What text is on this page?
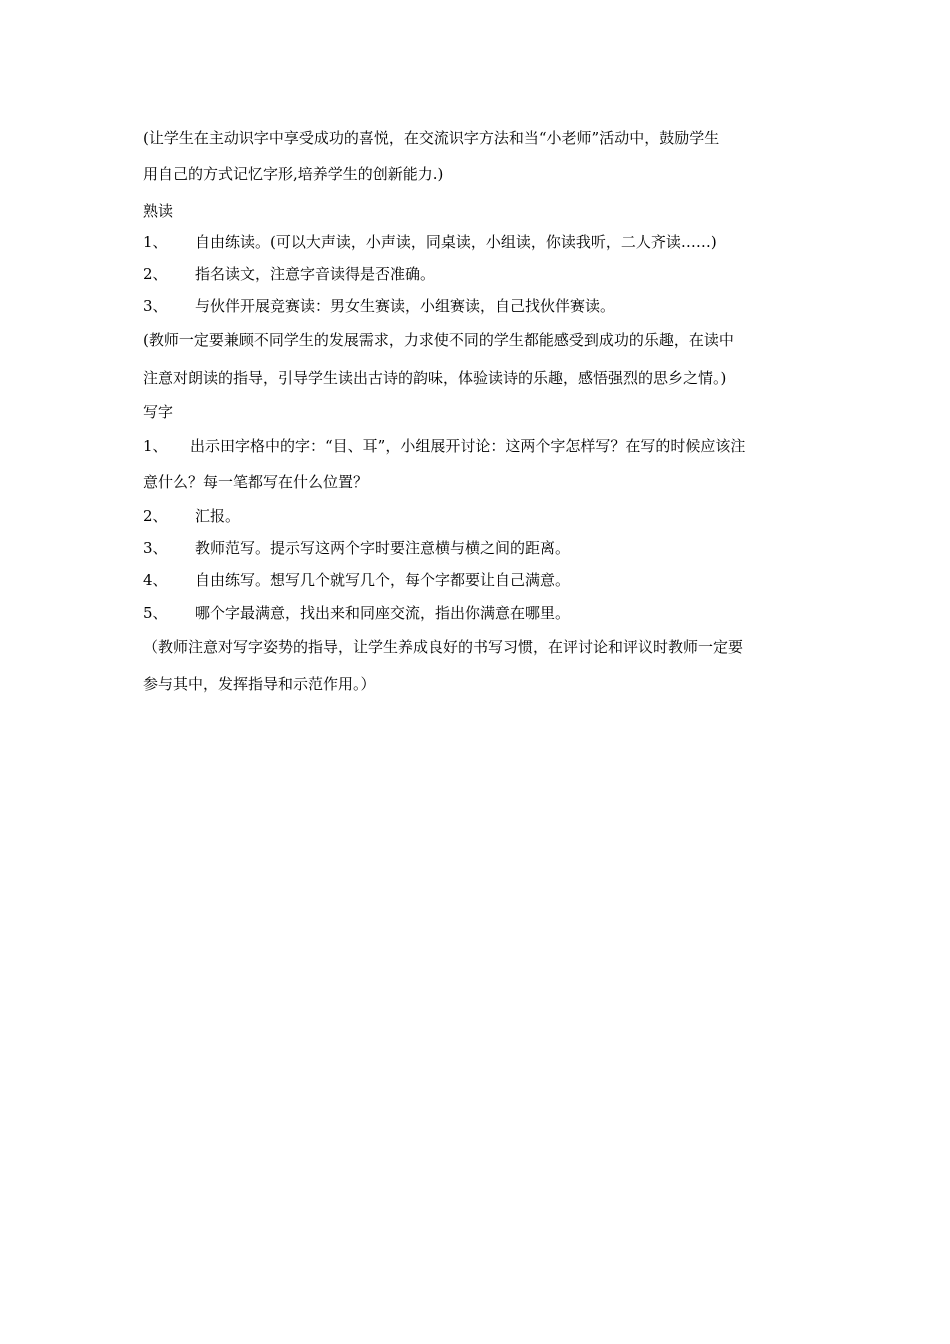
(让学生在主动识字中享受成功的喜悦，在交流识字方法和当“小老师”活动中，鼓励学生
用自己的方式记忆字形,培养学生的创新能力.)
熟读
1、 自由练读。(可以大声读，小声读，同桌读，小组读，你读我听，二人齐读……)
2、 指名读文，注意字音读得是否准确。
3、 与伙伴开展竞赛读：男女生赛读，小组赛读，自己找伙伴赛读。
(教师一定要兼顾不同学生的发展需求，力求使不同的学生都能感受到成功的乐趣，在读中
注意对朗读的指导，引导学生读出古诗的韵味，体验读诗的乐趣，感悟强烈的思乡之情。)
写字
1、 出示田字格中的字：“目、耳”，小组展开讨论：这两个字怎样写？在写的时候应该注
意什么？每一笔都写在什么位置？
2、 汇报。
3、 教师范写。提示写这两个字时要注意横与横之间的距离。
4、 自由练写。想写几个就写几个，每个字都要让自己满意。
5、 哪个字最满意，找出来和同座交流，指出你满意在哪里。
（教师注意对写字姿势的指导，让学生养成良好的书写习惯，在评讨论和评议时教师一定要
参与其中，发挥指导和示范作用。）
